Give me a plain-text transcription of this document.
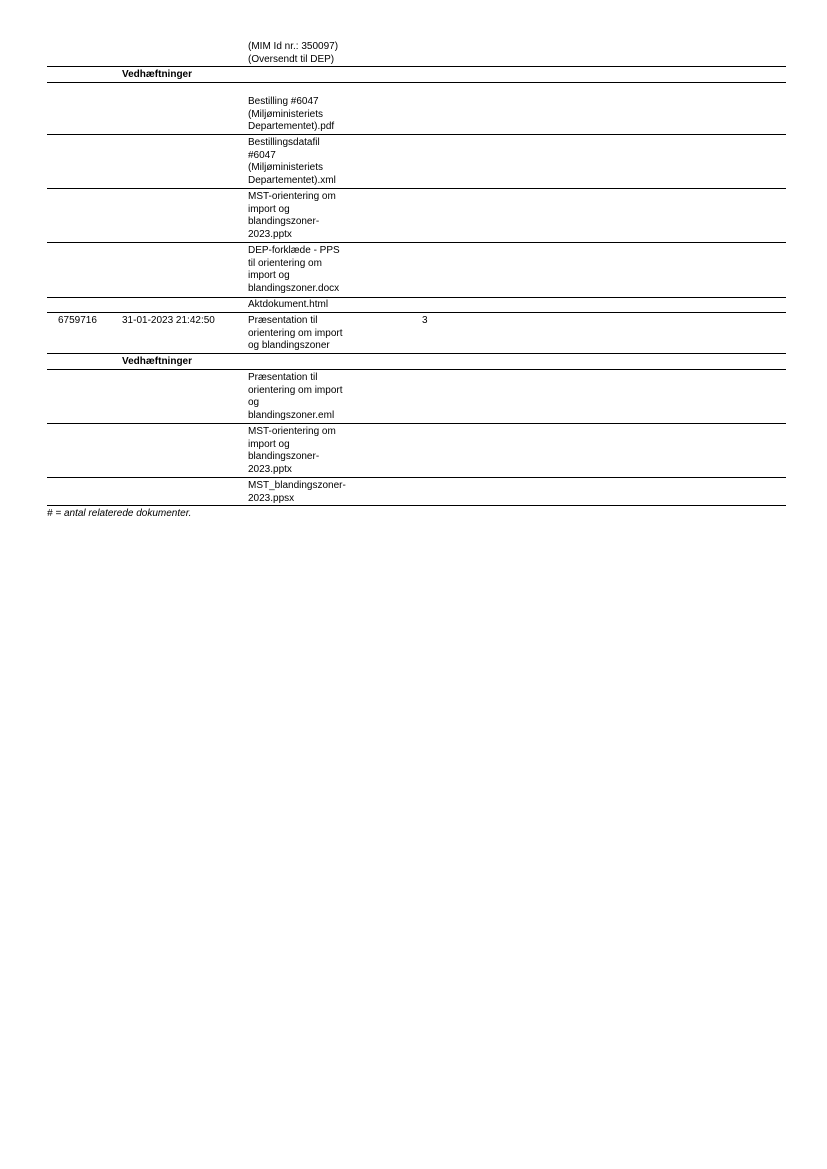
(MIM Id nr.: 350097)
(Oversendt til DEP)
Vedhæftninger
Bestilling #6047
(Miljøministeriets
Departementet).pdf
Bestillingsdatafil
#6047
(Miljøministeriets
Departementet).xml
MST-orientering om
import og
blandingszoner-
2023.pptx
DEP-forklæde - PPS
til orientering om
import og
blandingszoner.docx
Aktdokument.html
6759716	31-01-2023 21:42:50	Præsentation til
orientering om import
og blandingszoner
3
Vedhæftninger
Præsentation til
orientering om import
og
blandingszoner.eml
MST-orientering om
import og
blandingszoner-
2023.pptx
MST_blandingszoner-
2023.ppsx
# = antal relaterede dokumenter.
